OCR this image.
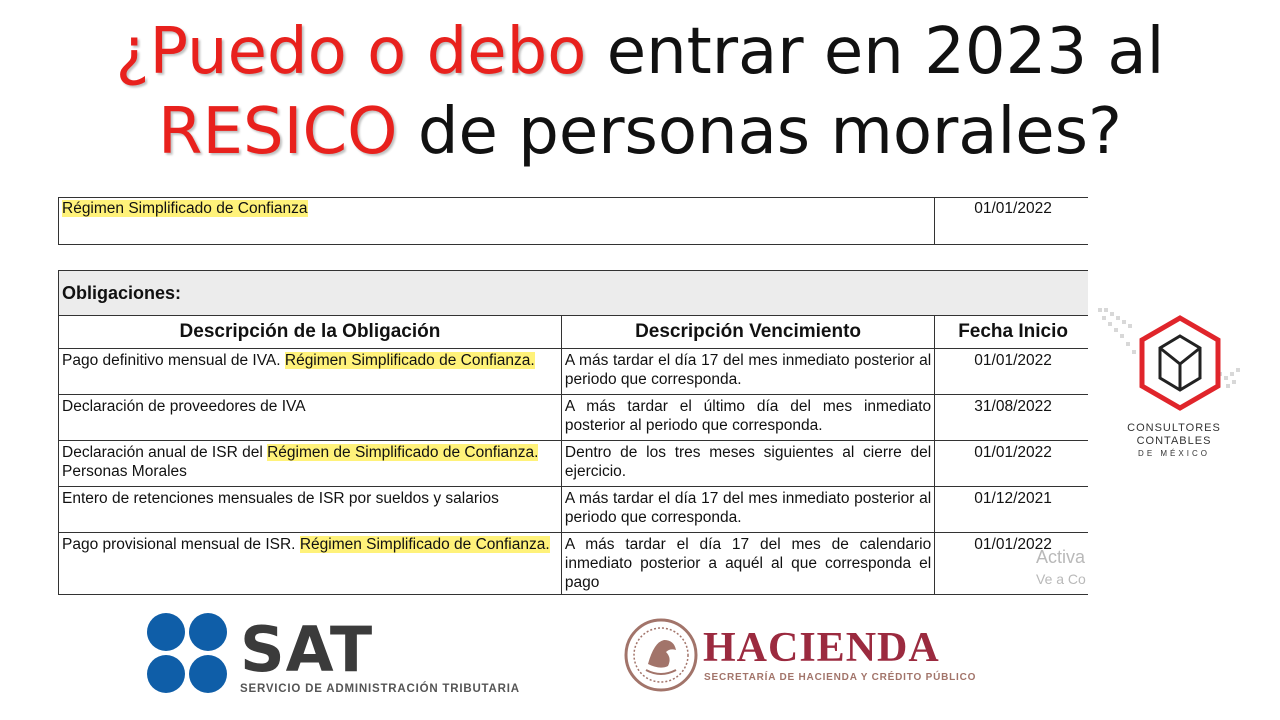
¿Puedo o debo entrar en 2023 al
RESICO de personas morales?
Régimen Simplificado de Confianza	01/01/2022
Obligaciones:		
Descripción de la Obligación	Descripción Vencimiento	Fecha Inicio
Pago definitivo mensual de IVA. Régimen Simplificado de Confianza.	A más tardar el día 17 del mes inmediato posterior al periodo que corresponda.	01/01/2022
Declaración de proveedores de IVA	A más tardar el último día del mes inmediato posterior al periodo que corresponda.	31/08/2022
Declaración anual de ISR del Régimen de Simplificado de Confianza. Personas Morales	Dentro de los tres meses siguientes al cierre del ejercicio.	01/01/2022
Entero de retenciones mensuales de ISR por sueldos y salarios	A más tardar el día 17 del mes inmediato posterior al periodo que corresponda.	01/12/2021
Pago provisional mensual de ISR. Régimen Simplificado de Confianza.	A más tardar el día 17 del mes de calendario inmediato posterior a aquél al que corresponda el pago	01/01/2022
Activa
Ve a Co
CONSULTORES
CONTABLES
DE MÉXICO
SAT
SERVICIO DE ADMINISTRACIÓN TRIBUTARIA
HACIENDA
SECRETARÍA DE HACIENDA Y CRÉDITO PÚBLICO
